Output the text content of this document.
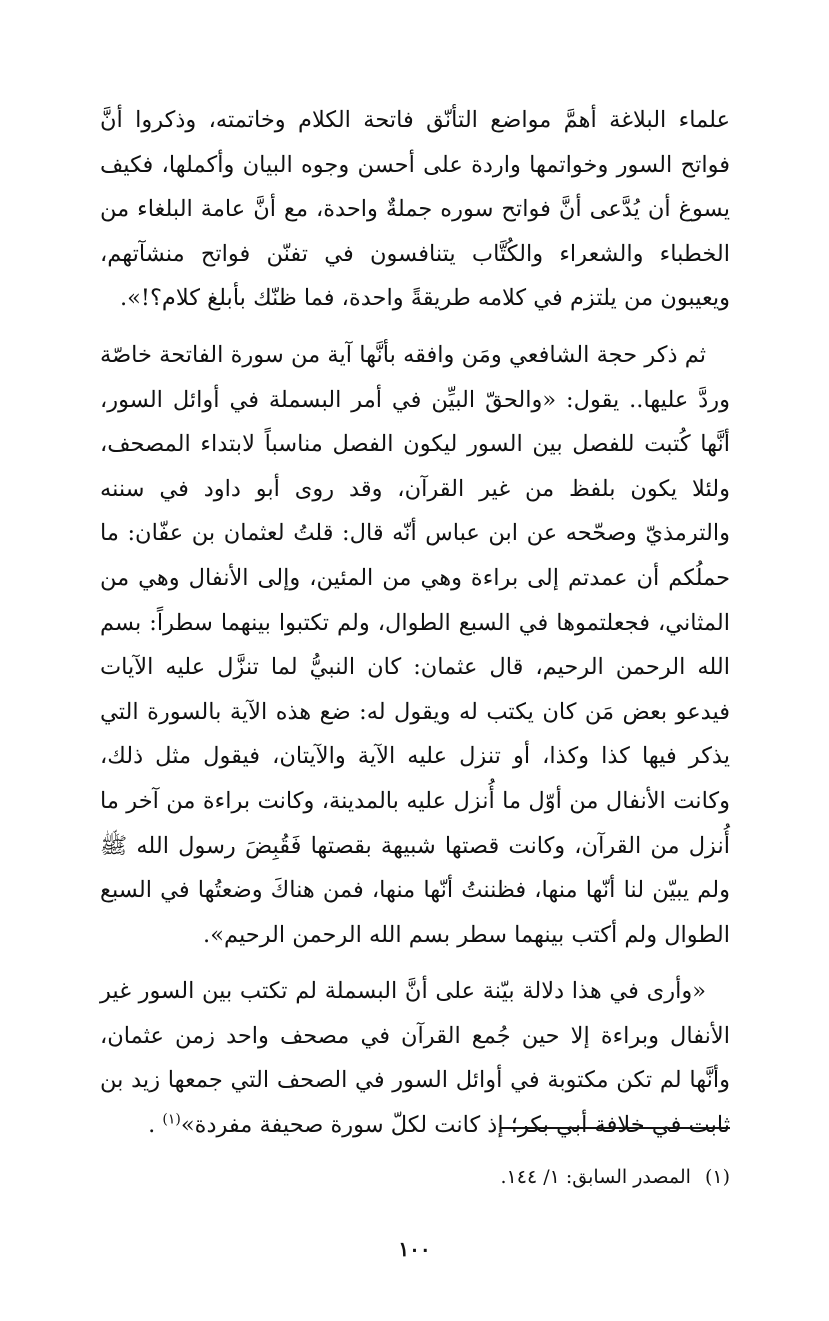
علماء البلاغة أهمَّ مواضع التأنّق فاتحة الكلام وخاتمته، وذكروا أنَّ فواتح السور وخواتمها واردة على أحسن وجوه البيان وأكملها، فكيف يسوغ أن يُدَّعى أنَّ فواتح سوره جملةٌ واحدة، مع أنَّ عامة البلغاء من الخطباء والشعراء والكُتَّاب يتنافسون في تفنّن فواتح منشآتهم، ويعيبون من يلتزم في كلامه طريقةً واحدة، فما ظنّك بأبلغ كلام؟!».

ثم ذكر حجة الشافعي ومَن وافقه بأنَّها آية من سورة الفاتحة خاصّة وردَّ عليها.. يقول: «والحقّ البيِّن في أمر البسملة في أوائل السور، أنَّها كُتبت للفصل بين السور ليكون الفصل مناسباً لابتداء المصحف، ولئلا يكون بلفظ من غير القرآن، وقد روى أبو داود في سننه والترمذيّ وصحّحه عن ابن عباس أنّه قال: قلتُ لعثمان بن عفّان: ما حملُكم أن عمدتم إلى براءة وهي من المئين، وإلى الأنفال وهي من المثاني، فجعلتموها في السبع الطوال، ولم تكتبوا بينهما سطراً: بسم الله الرحمن الرحيم، قال عثمان: كان النبيُّ لما تنزَّل عليه الآيات فيدعو بعض مَن كان يكتب له ويقول له: ضع هذه الآية بالسورة التي يذكر فيها كذا وكذا، أو تنزل عليه الآية والآيتان، فيقول مثل ذلك، وكانت الأنفال من أوّل ما أُنزل عليه بالمدينة، وكانت براءة من آخر ما أُنزل من القرآن، وكانت قصتها شبيهة بقصتها فَقُبِضَ رسول الله ﷺ ولم يبيّن لنا أنّها منها، فظننتُ أنّها منها، فمن هناكَ وضعتُها في السبع الطوال ولم أكتب بينهما سطر بسم الله الرحمن الرحيم».

«وأرى في هذا دلالة بيّنة على أنَّ البسملة لم تكتب بين السور غير الأنفال وبراءة إلا حين جُمع القرآن في مصحف واحد زمن عثمان، وأنَّها لم تكن مكتوبة في أوائل السور في الصحف التي جمعها زيد بن ثابت في خلافة أبي بكر؛ إذ كانت لكلّ سورة صحيفة مفردة»$^{(١)}$ .

(١)المصدر السابق: ١/ ١٤٤.
١٠٠
